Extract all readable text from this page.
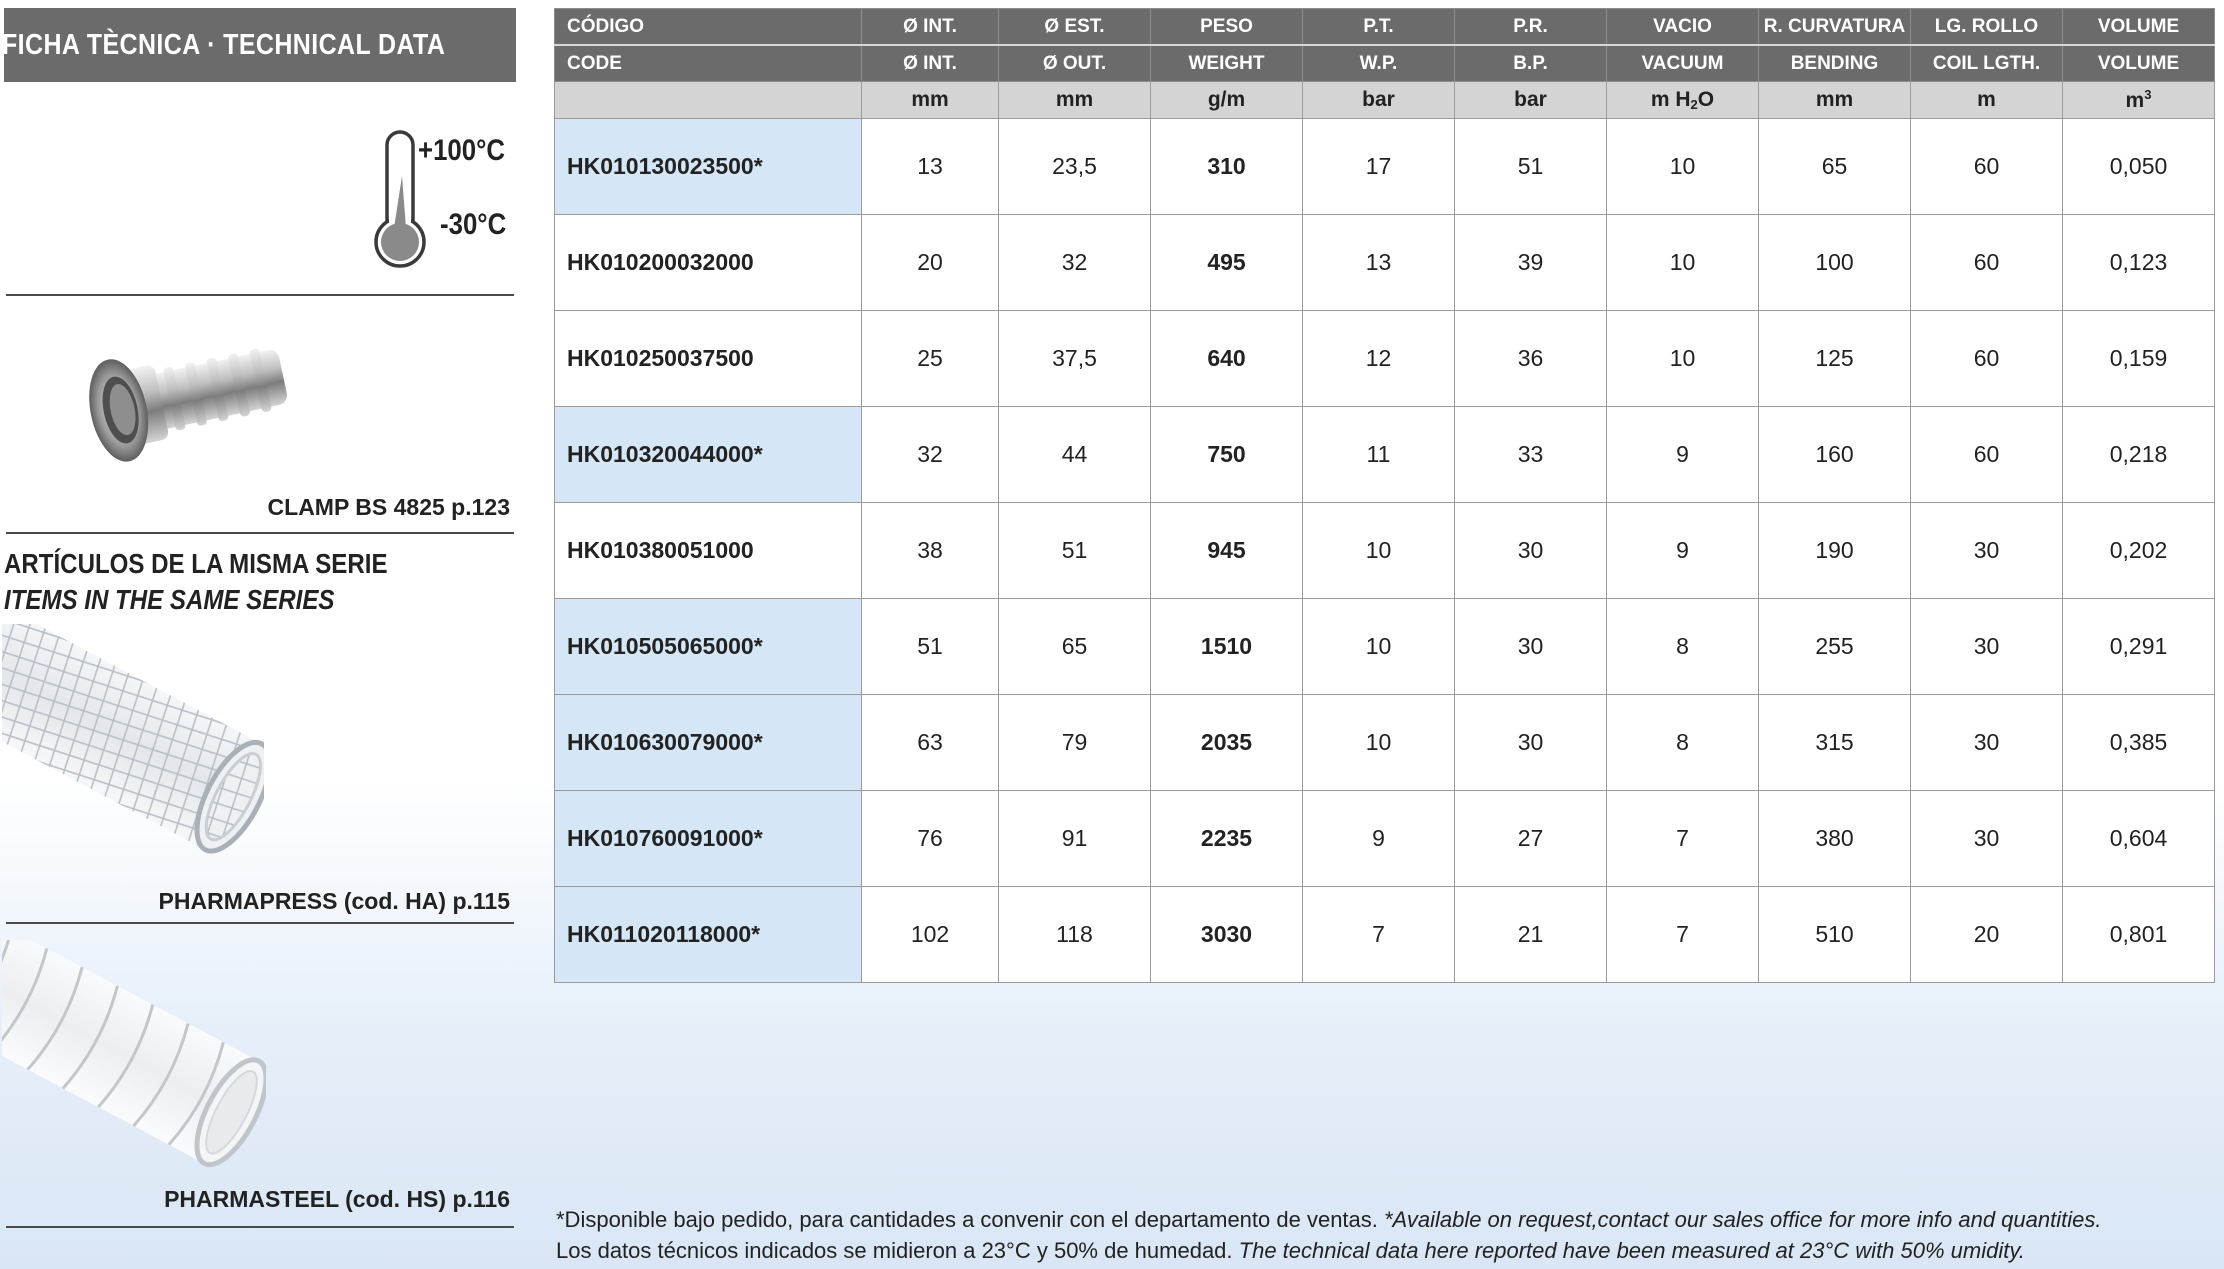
FICHA TÈCNICA · TECHNICAL DATA
+100°C
-30°C
CLAMP BS 4825 p.123
ARTÍCULOS DE LA MISMA SERIE
ITEMS IN THE SAME SERIES
PHARMAPRESS (cod. HA) p.115
PHARMASTEEL (cod. HS) p.116
CÓDIGO	Ø INT.	Ø EST.	PESO	P.T.	P.R.	VACIO	R. CURVATURA	LG. ROLLO	VOLUME
CODE	Ø INT.	Ø OUT.	WEIGHT	W.P.	B.P.	VACUUM	BENDING	COIL LGTH.	VOLUME
	mm	mm	g/m	bar	bar	m $H_2O$	mm	m	$m^3$
HK010130023500*	13	23,5	310	17	51	10	65	60	0,050
HK010200032000	20	32	495	13	39	10	100	60	0,123
HK010250037500	25	37,5	640	12	36	10	125	60	0,159
HK010320044000*	32	44	750	11	33	9	160	60	0,218
HK010380051000	38	51	945	10	30	9	190	30	0,202
HK010505065000*	51	65	1510	10	30	8	255	30	0,291
HK010630079000*	63	79	2035	10	30	8	315	30	0,385
HK010760091000*	76	91	2235	9	27	7	380	30	0,604
HK011020118000*	102	118	3030	7	21	7	510	20	0,801
*Disponible bajo pedido, para cantidades a convenir con el departamento de ventas. *Available on request,contact our sales office for more info and quantities.
Los datos técnicos indicados se midieron a 23°C y 50% de humedad. The technical data here reported have been measured at 23°C with 50% umidity.
